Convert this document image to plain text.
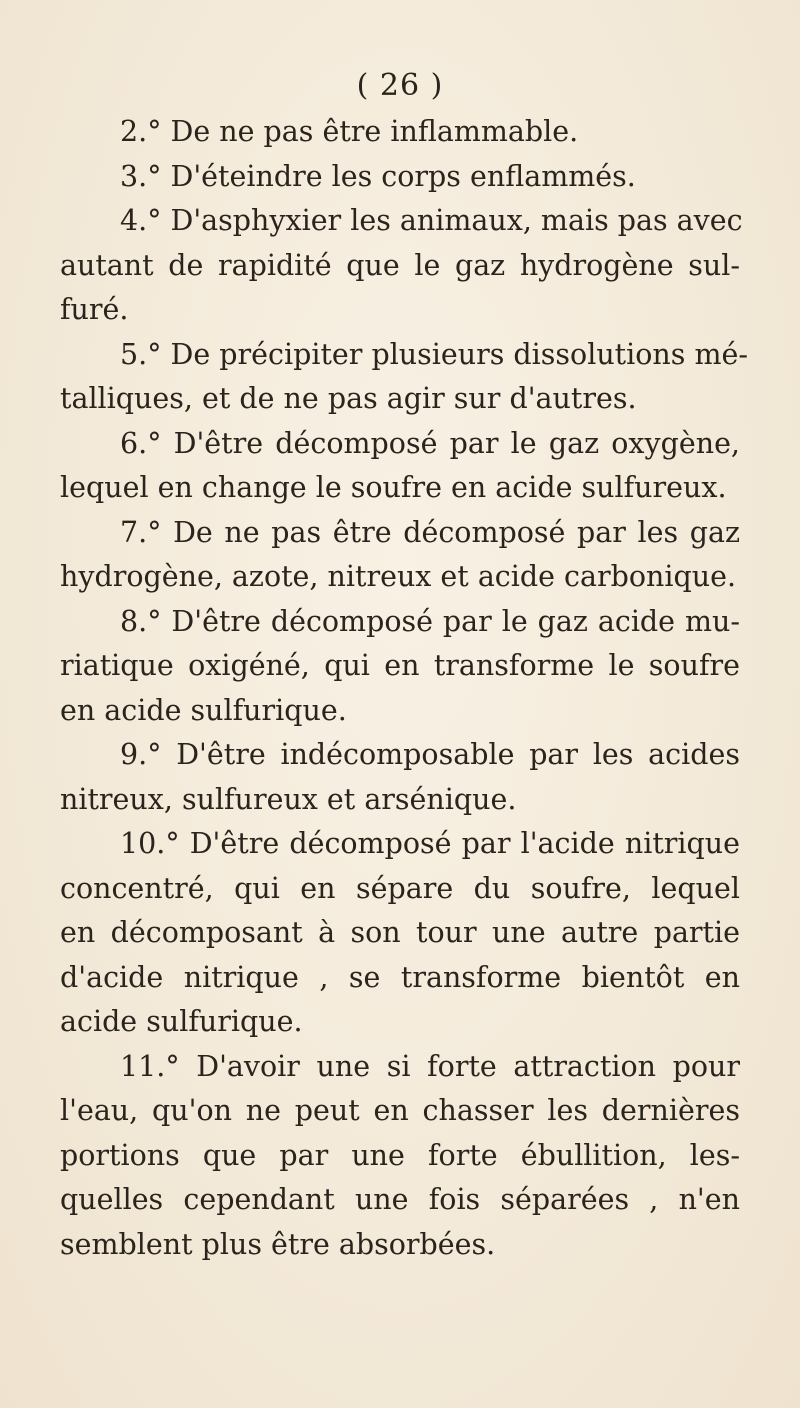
( 26 )
2.° De ne pas être inflammable.
3.° D'éteindre les corps enflammés.
4.° D'asphyxier les animaux, mais pas avec
autant de rapidité que le gaz hydrogène sul-
furé.
5.° De précipiter plusieurs dissolutions mé-
talliques, et de ne pas agir sur d'autres.
6.° D'être décomposé par le gaz oxygène,
lequel en change le soufre en acide sulfureux.
7.° De ne pas être décomposé par les gaz
hydrogène, azote, nitreux et acide carbonique.
8.° D'être décomposé par le gaz acide mu-
riatique oxigéné, qui en transforme le soufre
en acide sulfurique.
9.° D'être indécomposable par les acides
nitreux, sulfureux et arsénique.
10.° D'être décomposé par l'acide nitrique
concentré, qui en sépare du soufre, lequel
en décomposant à son tour une autre partie
d'acide nitrique , se transforme bientôt en
acide sulfurique.
11.° D'avoir une si forte attraction pour
l'eau, qu'on ne peut en chasser les dernières
portions que par une forte ébullition, les-
quelles cependant une fois séparées , n'en
semblent plus être absorbées.
